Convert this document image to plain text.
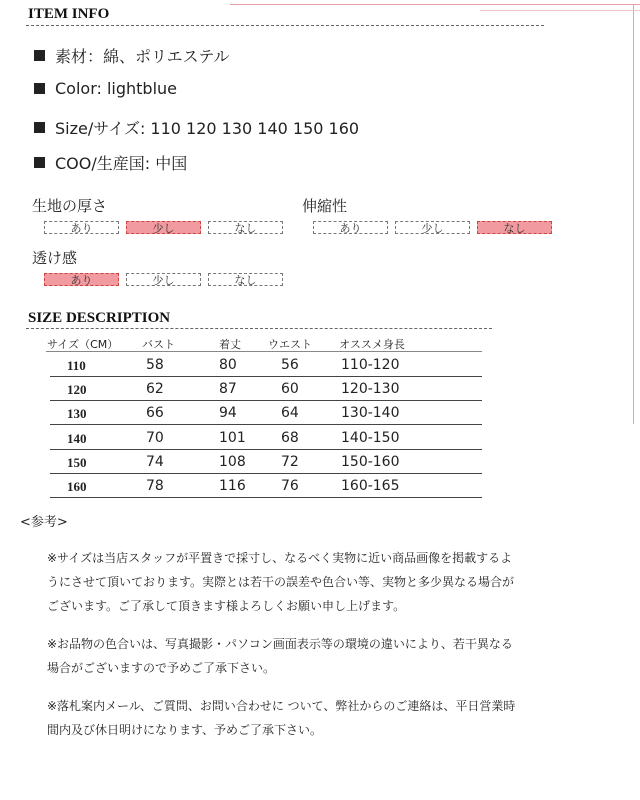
ITEM INFO
素材：綿、ポリエステル
Color: lightblue
Size/サイズ: 110 120 130 140 150 160
COO/生産国: 中国
生地の厚さ
あり	少し	なし
伸縮性
あり	少し	なし
透け感
あり	少し	なし
SIZE DESCRIPTION
サイズ（CM） バスト	着丈 ウエスト オススメ身長
110	58	80	56	110-120
120	62	87	60	120-130
130	66	94	64	130-140
140	70	101	68	140-150
150	74	108	72	150-160
160	78	116	76	160-165
<参考>
※サイズは当店スタッフが平置きで採寸し、なるべく実物に近い商品画像を掲載するよ
うにさせて頂いております。実際とは若干の誤差や色合い等、実物と多少異なる場合が
ございます。ご了承して頂きます様よろしくお願い申し上げます。
※お品物の色合いは、写真撮影・パソコン画面表示等の環境の違いにより、若干異なる
場合がございますので予めご了承下さい。
※落札案内メール、ご質問、お問い合わせに ついて、弊社からのご連絡は、平日営業時
間内及び休日明けになります、予めご了承下さい。
